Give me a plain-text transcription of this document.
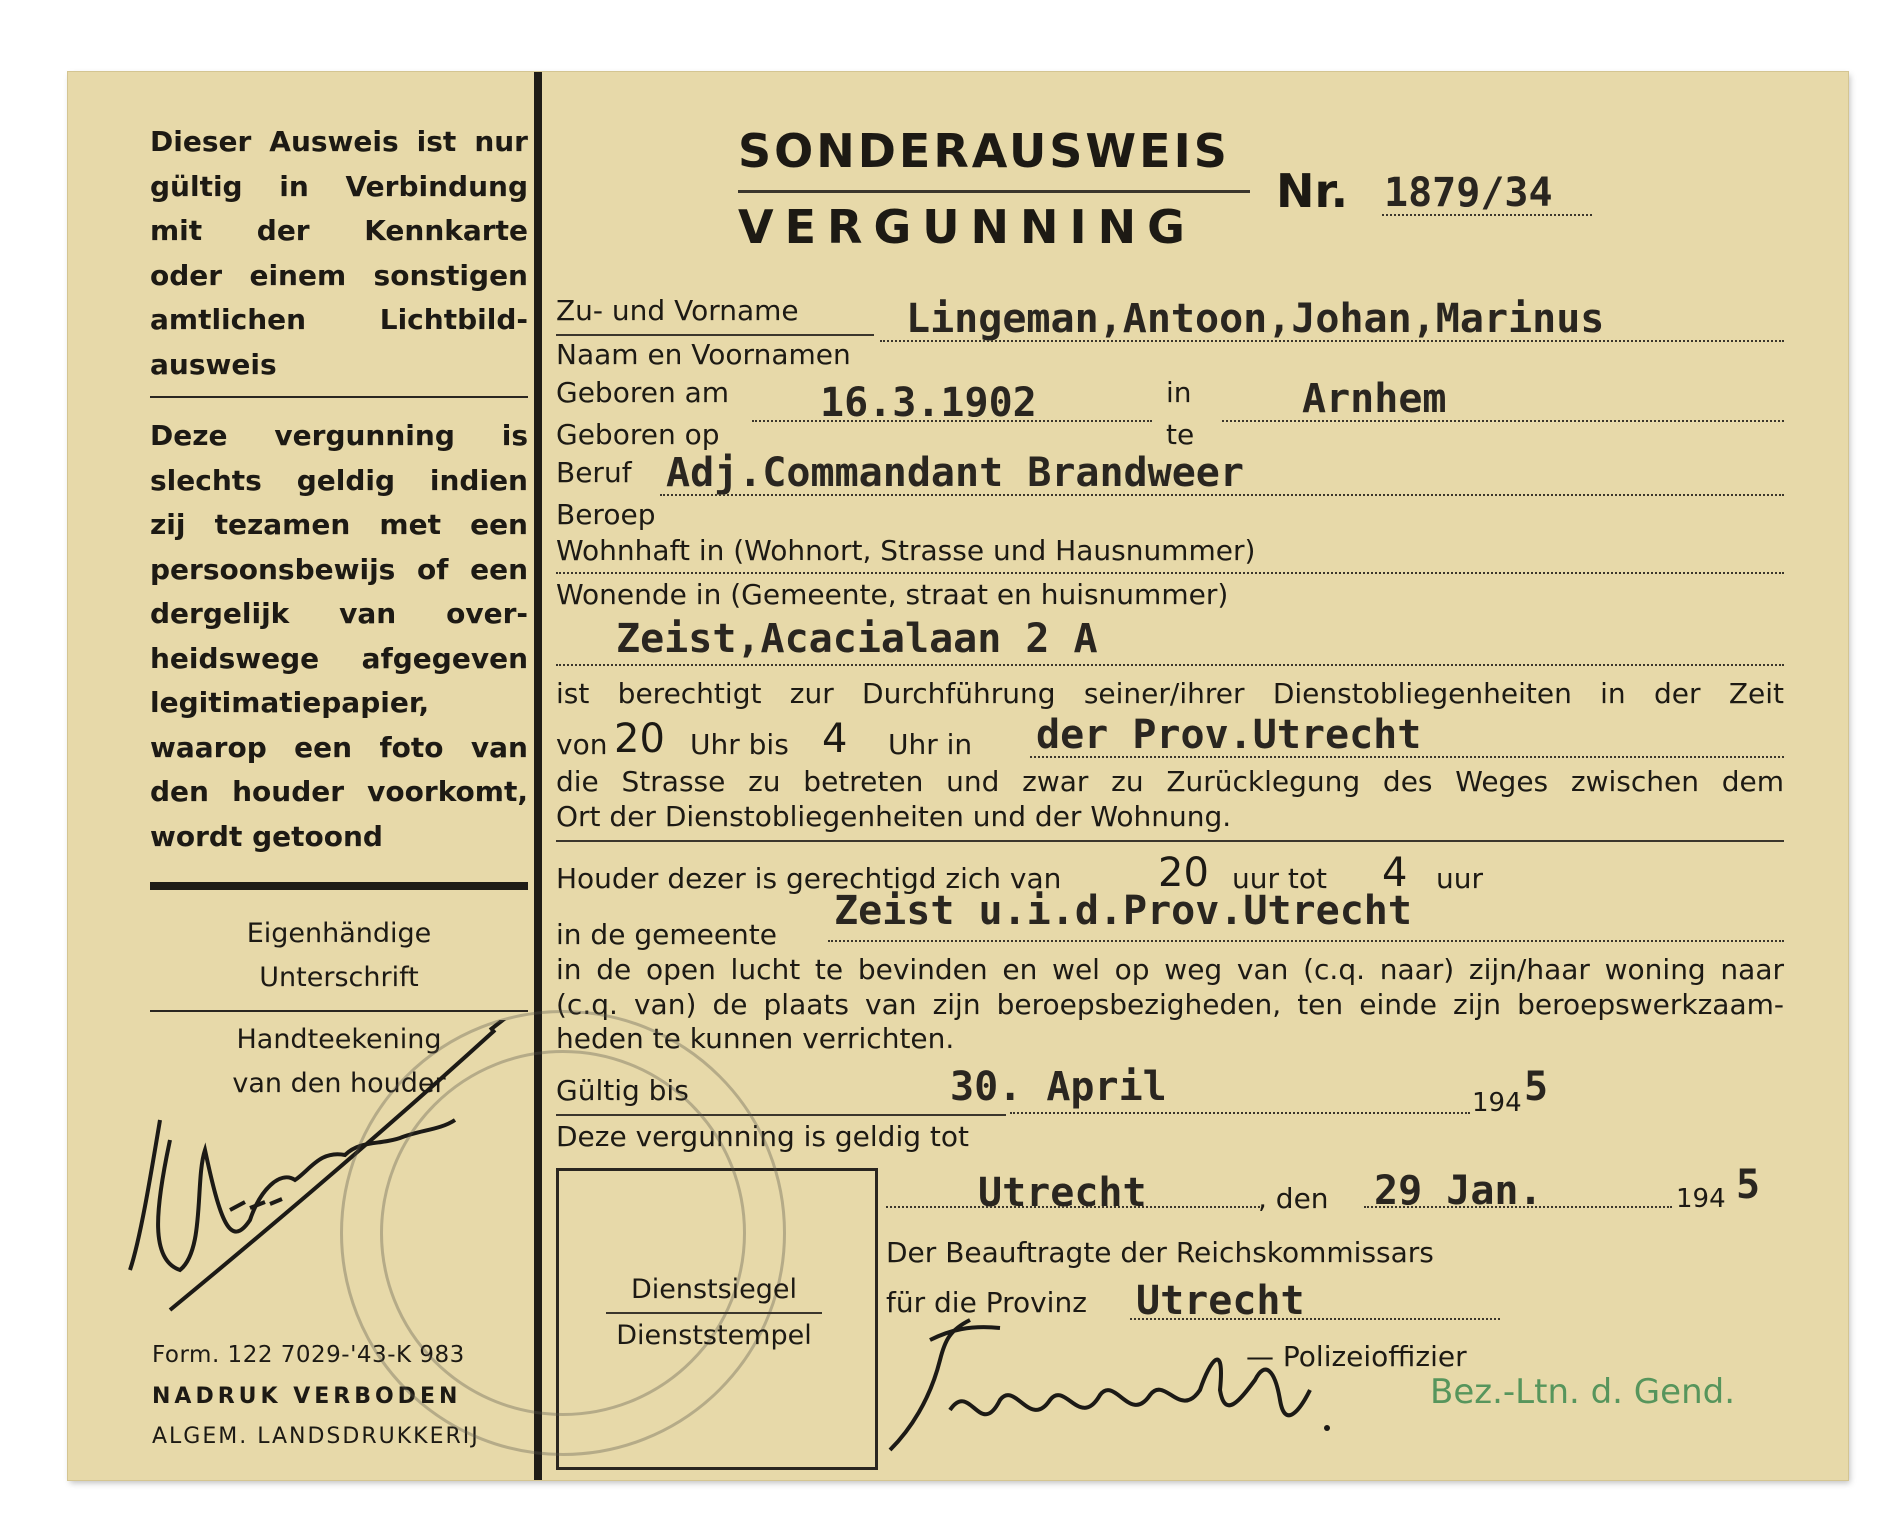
Dieser Ausweis ist nur
gültig in Verbindung
mit der Kennkarte
oder einem sonstigen
amtlichen Lichtbild-
ausweis
Deze vergunning is
slechts geldig indien
zij tezamen met een
persoonsbewijs of een
dergelijk van over-
heidswege afgegeven
legitimatiepapier,
waarop een foto van
den houder voorkomt,
wordt getoond
Eigenhändige
Unterschrift
Handteekening
van den houder
Form. 122 7029-'43-K 983
NADRUK VERBODEN
ALGEM. LANDSDRUKKERIJ
SONDERAUSWEIS
VERGUNNING
Nr. 1879/34
Zu- und Vorname
Naam en Voornamen
Lingeman,Antoon,Johan,Marinus
Geboren am 16.3.1902	in	Arnhem
Geboren op	te
Beruf Adj.Commandant Brandweer
Beroep
Wohnhaft in (Wohnort, Strasse und Hausnummer)
Wonende in (Gemeente, straat en huisnummer)
Zeist,Acacialaan 2 A
ist berechtigt zur Durchführung seiner/ihrer Dienstobliegenheiten in der Zeit
von 20 Uhr bis 4 Uhr in der Prov.Utrecht
die Strasse zu betreten und zwar zu Zurücklegung des Weges zwischen dem
Ort der Dienstobliegenheiten und der Wohnung.
Houder dezer is gerechtigd zich van 20 uur tot 4 uur
in de gemeente
Zeist u.i.d.Prov.Utrecht
in de open lucht te bevinden en wel op weg van (c.q. naar) zijn/haar woning naar
(c.q. van) de plaats van zijn beroepsbezigheden, ten einde zijn beroepswerkzaam-
heden te kunnen verrichten.
Gültig bis
Deze vergunning is geldig tot
30. April	194 5
Dienstsiegel
Dienststempel
Utrecht	, den 29 Jan.	194 5
Der Beauftragte der Reichskommissars
für die Provinz Utrecht
— Polizeioffizier
Bez.-Ltn. d. Gend.
